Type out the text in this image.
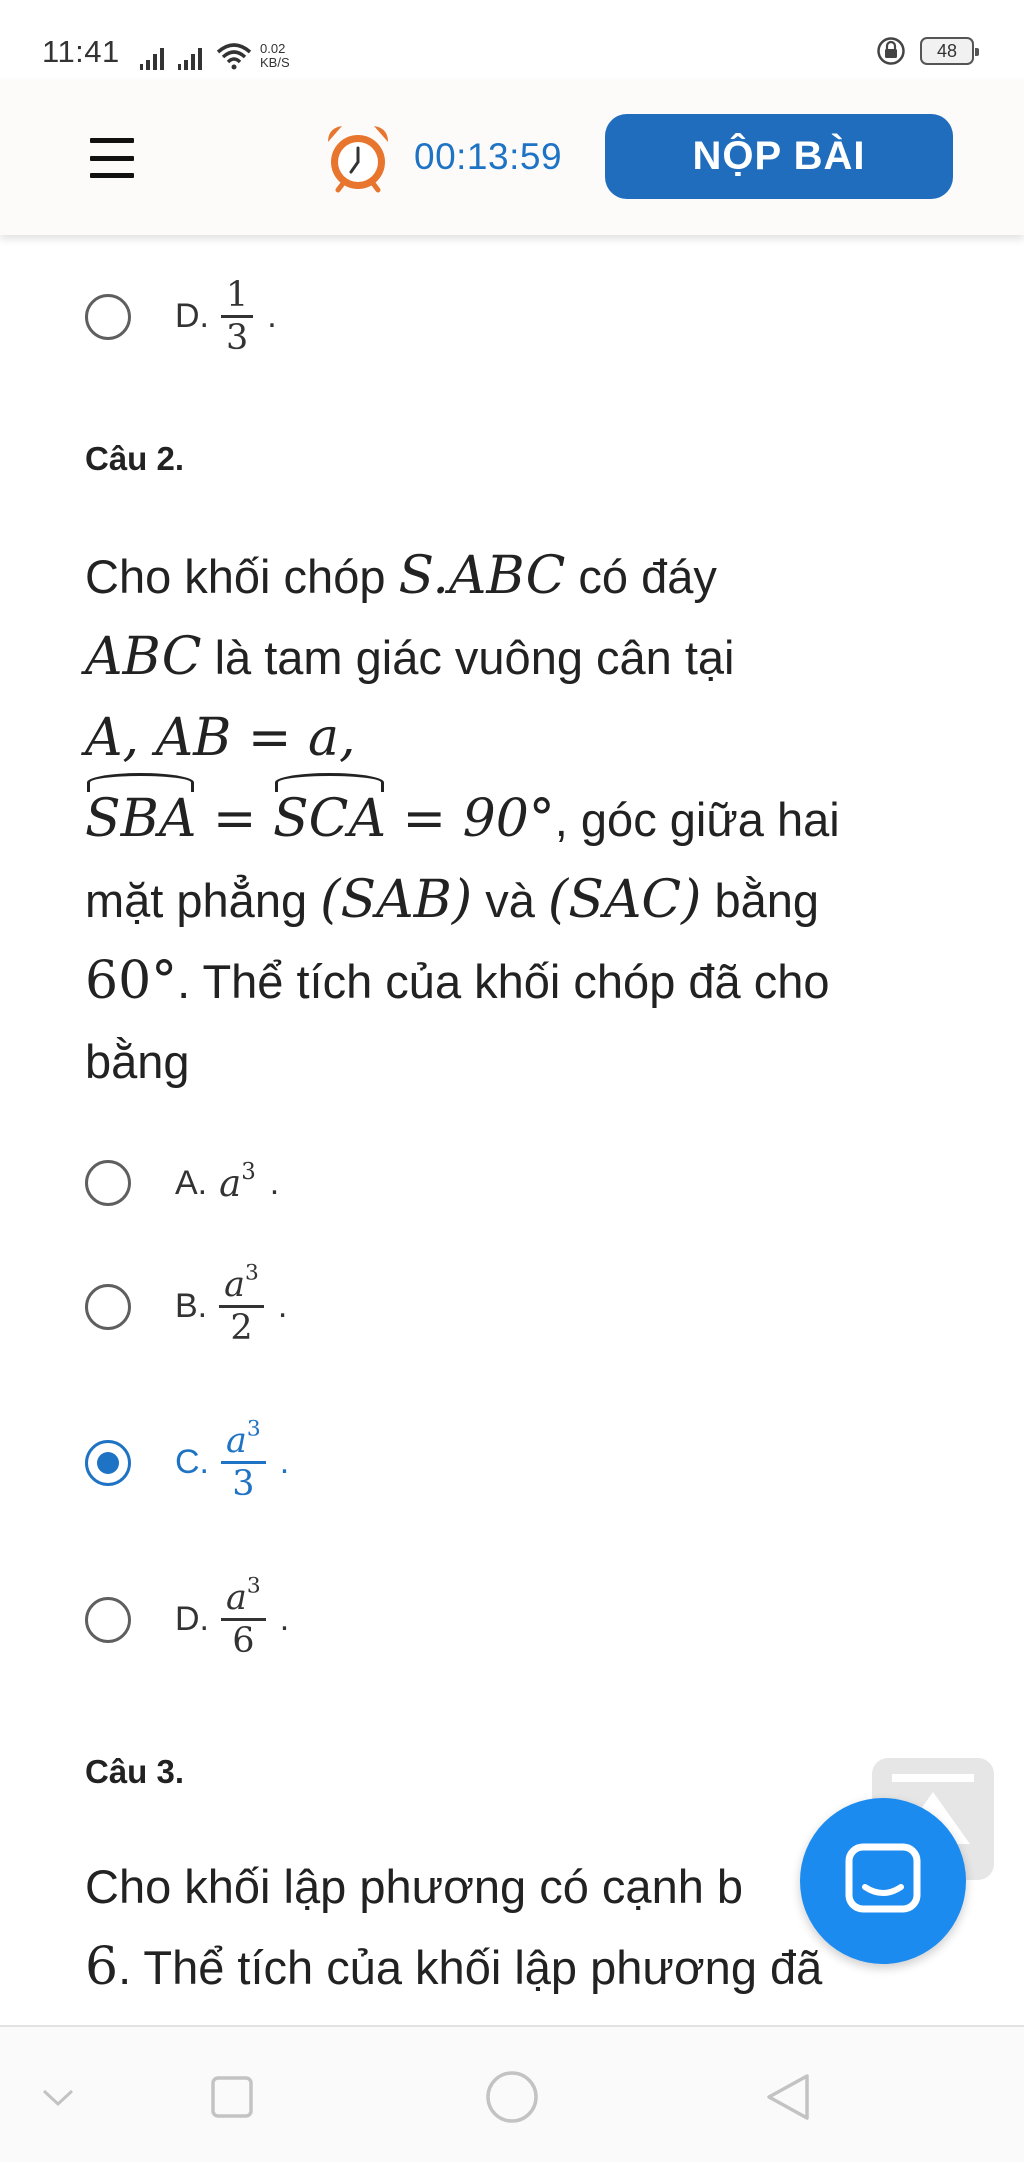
11:41	0.02
KB/S
48
00:13:59	NỘP BÀI
D. $\frac{1}{3}$ .
Câu 2.
Cho khối chóp S.ABC có đáy
ABC là tam giác vuông cân tại
A, AB = a,
SBA = SCA = 90°, góc giữa hai
mặt phẳng (SAB) và (SAC) bằng
60°. Thể tích của khối chóp đã cho
bằng
A. $a^3$ .
B. $\frac{a^3}{2}$ .
C. $\frac{a^3}{3}$ .
D. $\frac{a^3}{6}$ .
Câu 3.
Cho khối lập phương có cạnh b
6. Thể tích của khối lập phương đã
